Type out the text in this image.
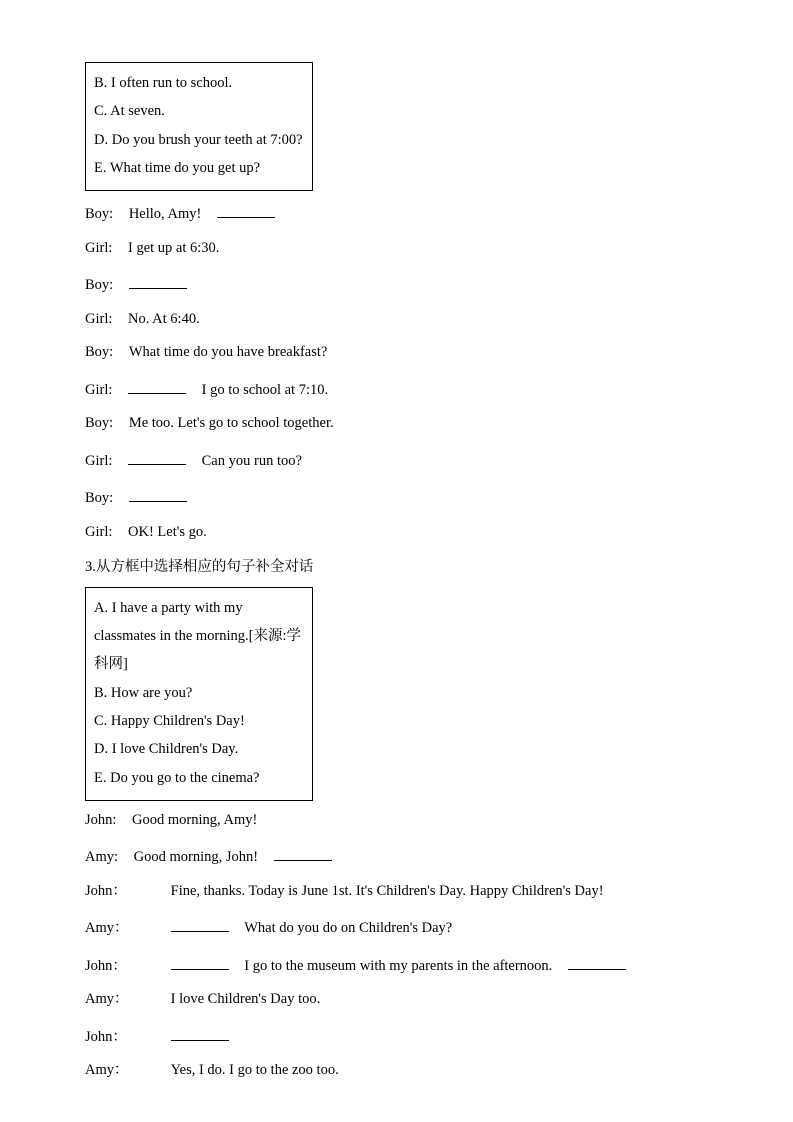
B. I often run to school.
C. At seven.
D. Do you brush your teeth at 7:00?
E. What time do you get up?
Boy: Hello, Amy!
Girl: I get up at 6:30.
Boy:
Girl: No. At 6:40.
Boy: What time do you have breakfast?
Girl:	I go to school at 7:10.
Boy: Me too. Let's go to school together.
Girl:	Can you run too?
Boy:
Girl: OK! Let's go.
3.从方框中选择相应的句子补全对话
A. I have a party with my classmates in the morning.[来源:学科网]
B. How are you?
C. Happy Children's Day!
D. I love Children's Day.
E. Do you go to the cinema?
John: Good morning, Amy!
Amy: Good morning, John!
John：	Fine, thanks. Today is June 1st. It's Children's Day. Happy Children's Day!
Amy：	What do you do on Children's Day?
John：	I go to the museum with my parents in the afternoon.
Amy：	I love Children's Day too.
John：
Amy：	Yes, I do. I go to the zoo too.
